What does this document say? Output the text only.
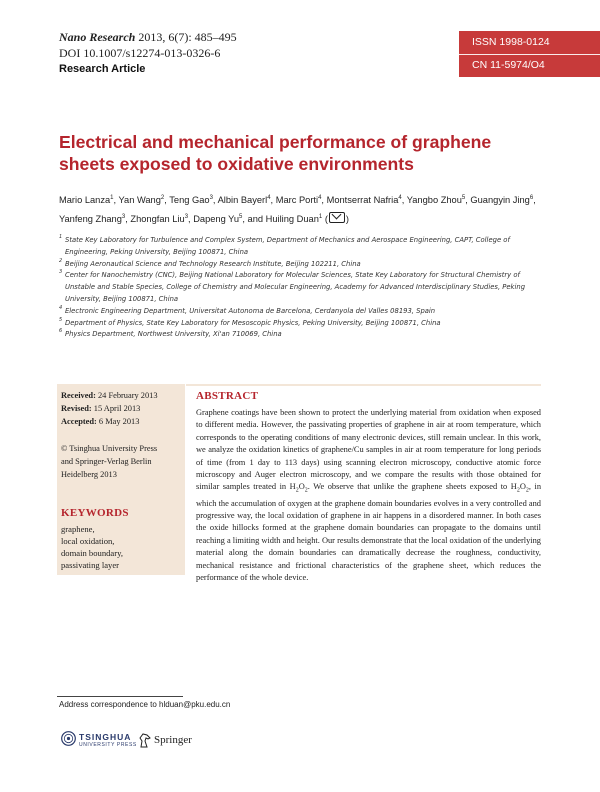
Nano Research 2013, 6(7): 485–495
DOI 10.1007/s12274-013-0326-6
Research Article
ISSN 1998-0124
CN 11-5974/O4
Electrical and mechanical performance of graphene
sheets exposed to oxidative environments
Mario Lanza$^1$, Yan Wang$^2$, Teng Gao$^3$, Albin Bayerl$^4$, Marc Porti$^4$, Montserrat Nafria$^4$, Yangbo Zhou$^5$, Guangyin Jing$^6$, Yanfeng Zhang$^3$, Zhongfan Liu$^3$, Dapeng Yu$^5$, and Huiling Duan$^1$ ( )
1 State Key Laboratory for Turbulence and Complex System, Department of Mechanics and Aerospace Engineering, CAPT, College of Engineering, Peking University, Beijing 100871, China
2 Beijing Aeronautical Science and Technology Research Institute, Beijing 102211, China
3 Center for Nanochemistry (CNC), Beijing National Laboratory for Molecular Sciences, State Key Laboratory for Structural Chemistry of Unstable and Stable Species, College of Chemistry and Molecular Engineering, Academy for Advanced Interdisciplinary Studies, Peking University, Beijing 100871, China
4 Electronic Engineering Department, Universitat Autonoma de Barcelona, Cerdanyola del Valles 08193, Spain
5 Department of Physics, State Key Laboratory for Mesoscopic Physics, Peking University, Beijing 100871, China
6 Physics Department, Northwest University, Xi'an 710069, China
Received: 24 February 2013
Revised: 15 April 2013
Accepted: 6 May 2013
© Tsinghua University Press
and Springer-Verlag Berlin
Heidelberg 2013
KEYWORDS
graphene,
local oxidation,
domain boundary,
passivating layer
ABSTRACT
Graphene coatings have been shown to protect the underlying material from oxidation when exposed to different media. However, the passivating properties of graphene in air at room temperature, which corresponds to the operating conditions of many electronic devices, still remain unclear. In this work, we analyze the oxidation kinetics of graphene/Cu samples in air at room temperature for long periods of time (from 1 day to 113 days) using scanning electron microscopy, conductive atomic force microscopy and Auger electron microscopy, and we compare the results with those obtained for similar samples treated in $H_2O_2$. We observe that unlike the graphene sheets exposed to $H_2O_2$, in which the accumulation of oxygen at the graphene domain boundaries evolves in a very controlled and progressive way, the local oxidation of graphene in air happens in a disordered manner. In both cases the oxide hillocks formed at the graphene domain boundaries can propagate to the domains until reaching a limiting width and height. Our results demonstrate that the local oxidation of the underlying material along the domain boundaries can dramatically decrease the roughness, conductivity, mechanical resistance and frictional characteristics of the graphene sheet, which reduces the performance of the whole device.
Address correspondence to hlduan@pku.edu.cn
TSINGHUA
UNIVERSITY PRESS Springer
